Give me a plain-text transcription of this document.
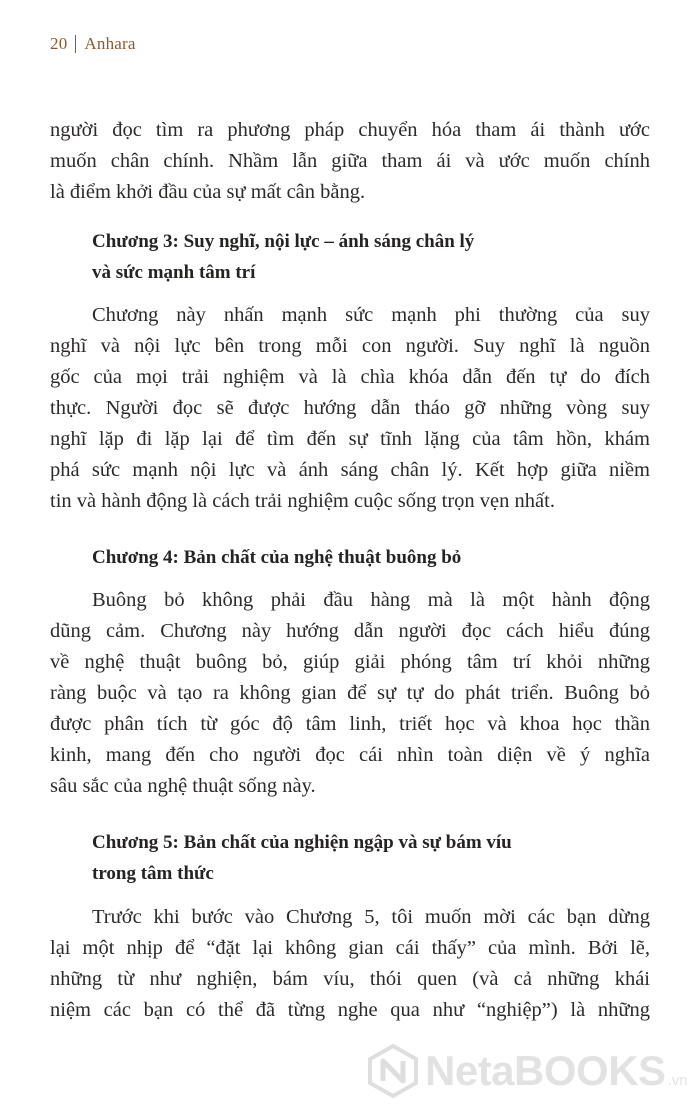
20 Anhara
người đọc tìm ra phương pháp chuyển hóa tham ái thành ước
muốn chân chính. Nhầm lẫn giữa tham ái và ước muốn chính
là điểm khởi đầu của sự mất cân bằng.
Chương 3: Suy nghĩ, nội lực – ánh sáng chân lý
và sức mạnh tâm trí
Chương này nhấn mạnh sức mạnh phi thường của suy
nghĩ và nội lực bên trong mỗi con người. Suy nghĩ là nguồn
gốc của mọi trải nghiệm và là chìa khóa dẫn đến tự do đích
thực. Người đọc sẽ được hướng dẫn tháo gỡ những vòng suy
nghĩ lặp đi lặp lại để tìm đến sự tĩnh lặng của tâm hồn, khám
phá sức mạnh nội lực và ánh sáng chân lý. Kết hợp giữa niềm
tin và hành động là cách trải nghiệm cuộc sống trọn vẹn nhất.
Chương 4: Bản chất của nghệ thuật buông bỏ
Buông bỏ không phải đầu hàng mà là một hành động
dũng cảm. Chương này hướng dẫn người đọc cách hiểu đúng
về nghệ thuật buông bỏ, giúp giải phóng tâm trí khỏi những
ràng buộc và tạo ra không gian để sự tự do phát triển. Buông bỏ
được phân tích từ góc độ tâm linh, triết học và khoa học thần
kinh, mang đến cho người đọc cái nhìn toàn diện về ý nghĩa
sâu sắc của nghệ thuật sống này.
Chương 5: Bản chất của nghiện ngập và sự bám víu
trong tâm thức
Trước khi bước vào Chương 5, tôi muốn mời các bạn dừng
lại một nhịp để “đặt lại không gian cái thấy” của mình. Bởi lẽ,
những từ như nghiện, bám víu, thói quen (và cả những khái
niệm các bạn có thể đã từng nghe qua như “nghiệp”) là những
NetaBOOKS .vn
